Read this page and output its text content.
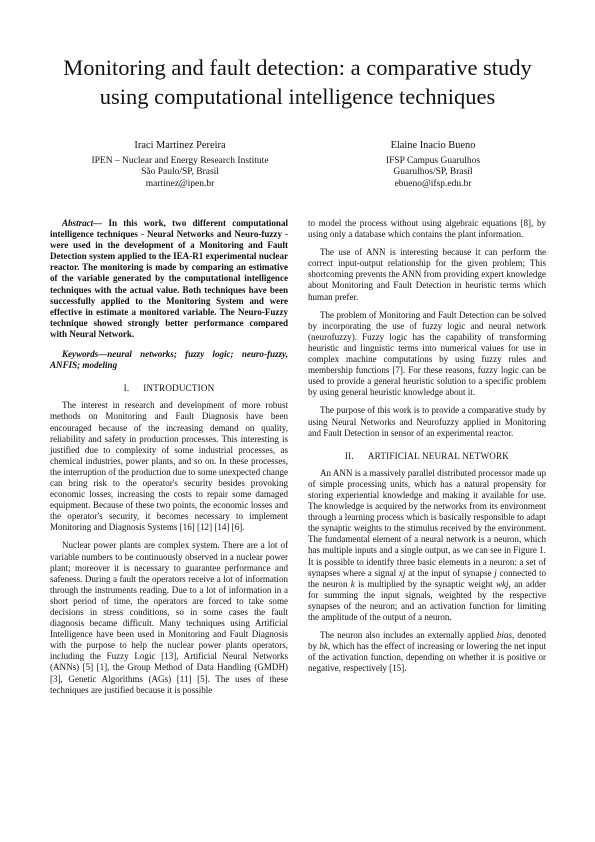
Monitoring and fault detection: a comparative study
using computational intelligence techniques
Iraci Martinez Pereira
IPEN – Nuclear and Energy Research Institute
São Paulo/SP, Brasil
martinez@ipen.br
Elaine Inacio Bueno
IFSP Campus Guarulhos
Guarulhos/SP, Brasil
ebueno@ifsp.edu.br

Abstract— In this work, two different computational intelligence techniques - Neural Networks and Neuro-fuzzy - were used in the development of a Monitoring and Fault Detection system applied to the IEA-R1 experimental nuclear reactor. The monitoring is made by comparing an estimative of the variable generated by the computational intelligence techniques with the actual value. Both techniques have been successfully applied to the Monitoring System and were effective in estimate a monitored variable. The Neuro-Fuzzy technique showed strongly better performance compared with Neural Network.

Keywords—neural networks; fuzzy logic; neuro-fuzzy, ANFIS; modeling

I. INTRODUCTION

The interest in research and development of more robust methods on Monitoring and Fault Diagnosis have been encouraged because of the increasing demand on quality, reliability and safety in production processes. This interesting is justified due to complexity of some industrial processes, as chemical industries, power plants, and so on. In these processes, the interruption of the production due to some unexpected change can bring risk to the operator's security besides provoking economic losses, increasing the costs to repair some damaged equipment. Because of these two points, the economic losses and the operator's security, it becomes necessary to implement Monitoring and Diagnosis Systems [16] [12] [14] [6].

Nuclear power plants are complex system. There are a lot of variable numbers to be continuously observed in a nuclear power plant; moreover it is necessary to guarantee performance and safeness. During a fault the operators receive a lot of information through the instruments reading. Due to a lot of information in a short period of time, the operators are forced to take some decisions in stress conditions, so in some cases the fault diagnosis became difficult. Many techniques using Artificial Intelligence have been used in Monitoring and Fault Diagnosis with the purpose to help the nuclear power plants operators, including the Fuzzy Logic [13], Artificial Neural Networks (ANNs) [5] [1], the Group Method of Data Handling (GMDH) [3], Genetic Algorithms (AGs) [11] [5]. The uses of these techniques are justified because it is possible

to model the process without using algebraic equations [8], by using only a database which contains the plant information.

The use of ANN is interesting because it can perform the correct input-output relationship for the given problem; This shortcoming prevents the ANN from providing expert knowledge about Monitoring and Fault Detection in heuristic terms which human prefer.

The problem of Monitoring and Fault Detection can be solved by incorporating the use of fuzzy logic and neural network (neurofuzzy). Fuzzy logic has the capability of transforming heuristic and linguistic terms into numerical values for use in complex machine computations by using fuzzy rules and membership functions [7]. For these reasons, fuzzy logic can be used to provide a general heuristic solution to a specific problem by using general heuristic knowledge about it.

The purpose of this work is to provide a comparative study by using Neural Networks and Neurofuzzy applied in Monitoring and Fault Detection in sensor of an experimental reactor.

II. ARTIFICIAL NEURAL NETWORK

An ANN is a massively parallel distributed processor made up of simple processing units, which has a natural propensity for storing experiential knowledge and making it available for use. The knowledge is acquired by the networks from its environment through a learning process which is basically responsible to adapt the synaptic weights to the stimulus received by the environment. The fundamental element of a neural network is a neuron, which has multiple inputs and a single output, as we can see in Figure 1. It is possible to identify three basic elements in a neuron: a set of synapses where a signal xj at the input of synapse j connected to the neuron k is multiplied by the synaptic weight wkj, an adder for summing the input signals, weighted by the respective synapses of the neuron; and an activation function for limiting the amplitude of the output of a neuron.

The neuron also includes an externally applied bias, denoted by bk, which has the effect of increasing or lowering the net input of the activation function, depending on whether it is positive or negative, respectively [15].
